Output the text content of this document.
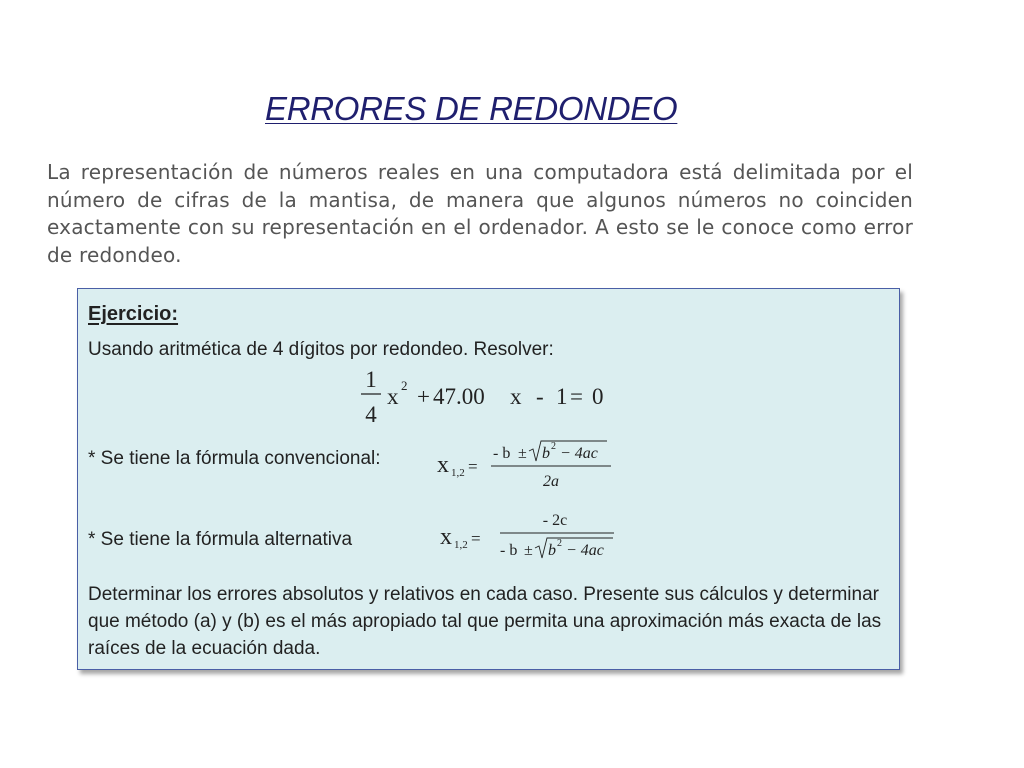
ERRORES DE REDONDEO
La representación de números reales en una computadora está delimitada por el número de cifras de la mantisa, de manera que algunos números no coinciden exactamente con su representación en el ordenador. A esto se le conoce como error de redondeo.
Ejercicio:
Usando aritmética de 4 dígitos por redondeo. Resolver:
1
4
x 2 + 47.00 x - 1 = 0
* Se tiene la fórmula convencional: x 1,2 =
- b ± b 2 − 4ac
2a
* Se tiene la fórmula alternativa	x 1,2 =
- 2c
- b ± b 2 − 4ac
Determinar los errores absolutos y relativos en cada caso. Presente sus cálculos y determinar que método (a) y (b) es el más apropiado tal que permita una aproximación más exacta de las raíces de la ecuación dada.
